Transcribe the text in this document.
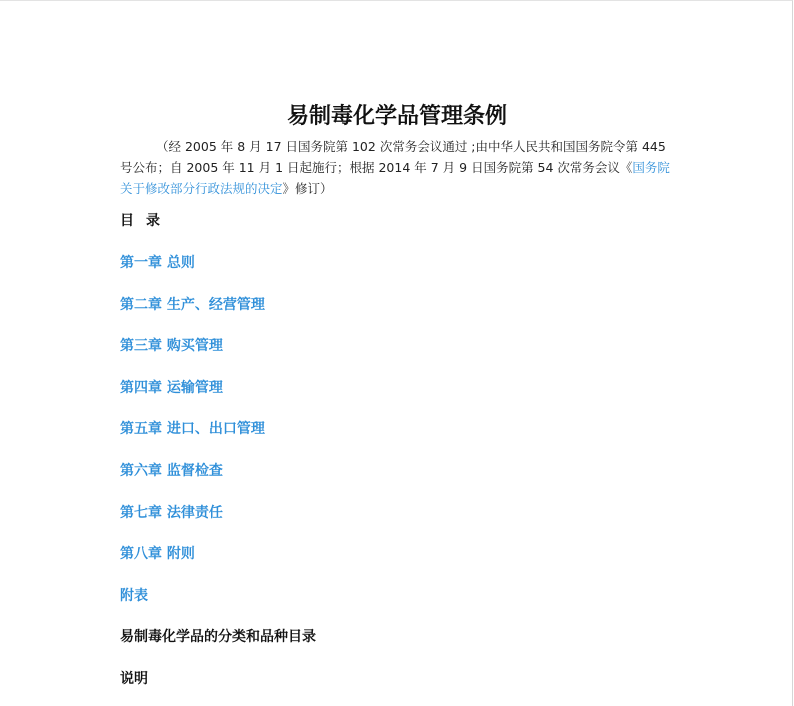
易制毒化学品管理条例

（经 2005 年 8 月 17 日国务院第 102 次常务会议通过 ;由中华人民共和国国务院令第 445 号公布；自 2005 年 11 月 1 日起施行；根据 2014 年 7 月 9 日国务院第 54 次常务会议《国务院关于修改部分行政法规的决定》修订）

目录
第一章 总则
第二章 生产、经营管理
第三章 购买管理
第四章 运输管理
第五章 进口、出口管理
第六章 监督检查
第七章 法律责任
第八章 附则
附表
易制毒化学品的分类和品种目录
说明
